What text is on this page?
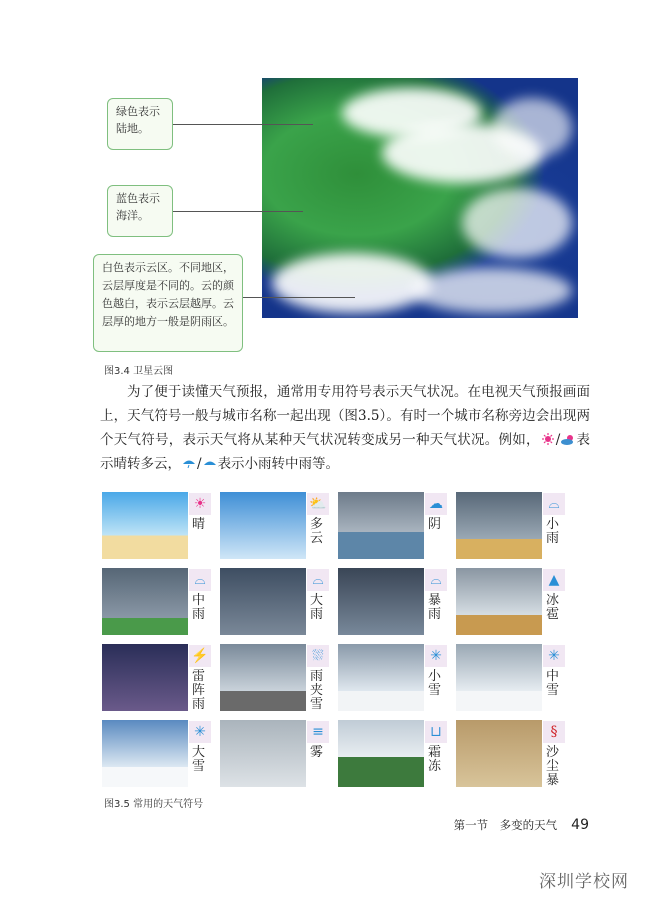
绿色表示陆地。
蓝色表示海洋。
白色表示云区。不同地区，云层厚度是不同的。云的颜色越白，表示云层越厚。云层厚的地方一般是阴雨区。
图3.4 卫星云图
为了便于读懂天气预报，通常用专用符号表示天气状况。在电视天气预报画面上，天气符号一般与城市名称一起出现（图3.5）。有时一个城市名称旁边会出现两个天气符号，表示天气将从某种天气状况转变成另一种天气状况。例如， / 表示晴转多云， / 表示小雨转中雨等。
☀
晴
⛅
多云
☁
阴
⌓
小雨
⌓
中雨
⌓
大雨
⌓
暴雨
▲
冰雹
⚡
雷阵雨
⛆
雨夹雪
✳
小雪
✳
中雪
✳
大雪
≡
雾
⊔
霜冻
§
沙尘暴
图3.5 常用的天气符号
第一节　多变的天气 49
深圳学校网
